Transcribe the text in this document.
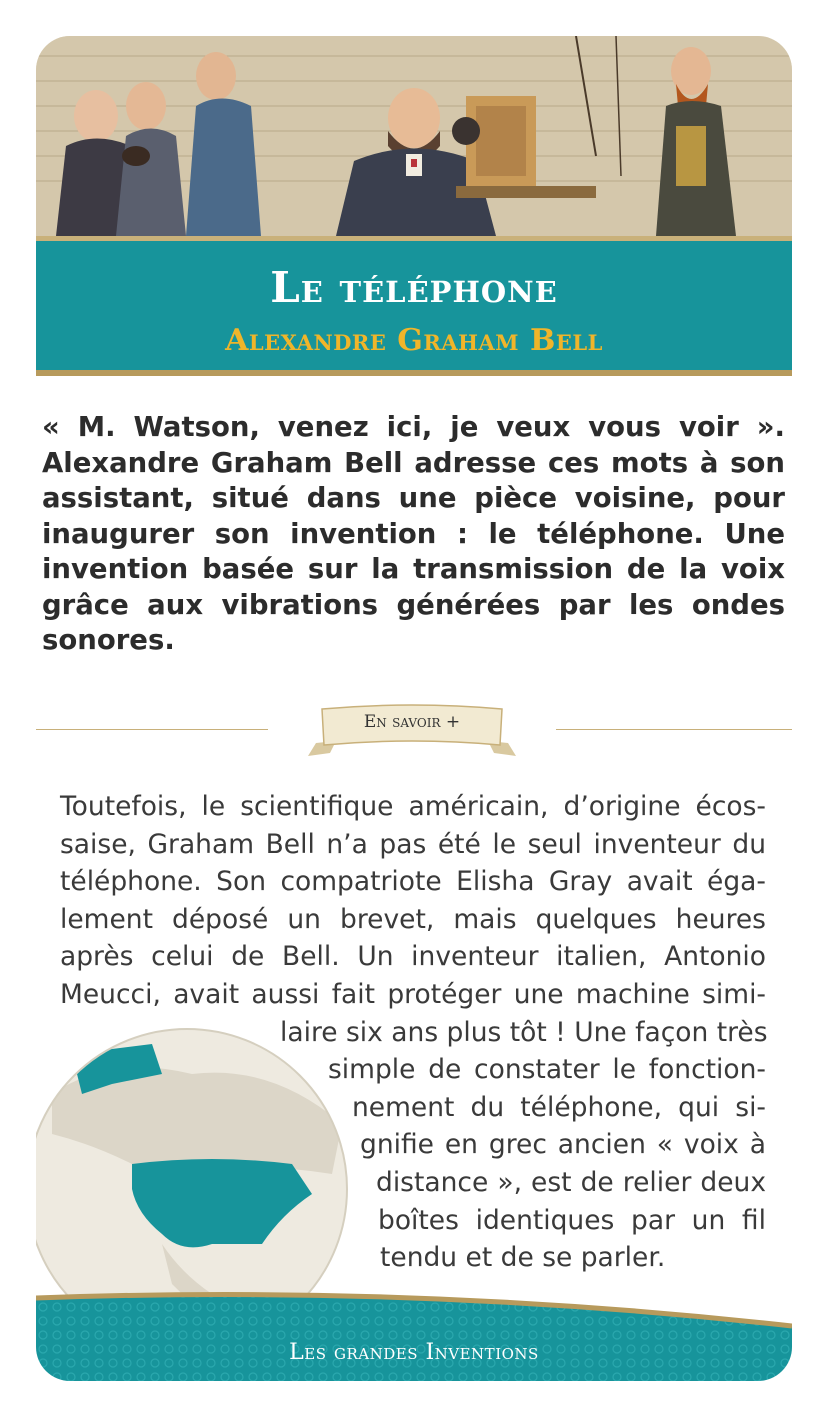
Le téléphone
Alexandre Graham Bell
« M. Watson, venez ici, je veux vous voir ». Alexandre Graham Bell adresse ces mots à son assistant, situé dans une pièce voisine, pour inaugurer son invention : le téléphone. Une invention basée sur la transmission de la voix grâce aux vibrations générées par les ondes sonores.
En savoir +
Toutefois, le scientifique américain, d’origine écos-
saise, Graham Bell n’a pas été le seul inventeur du
téléphone. Son compatriote Elisha Gray avait éga-
lement déposé un brevet, mais quelques heures
après celui de Bell. Un inventeur italien, Antonio
Meucci, avait aussi fait protéger une machine simi-
laire six ans plus tôt ! Une façon très
simple de constater le fonction-
nement du téléphone, qui si-
gnifie en grec ancien « voix à
distance », est de relier deux
boîtes identiques par un fil
tendu et de se parler.
Les grandes Inventions
